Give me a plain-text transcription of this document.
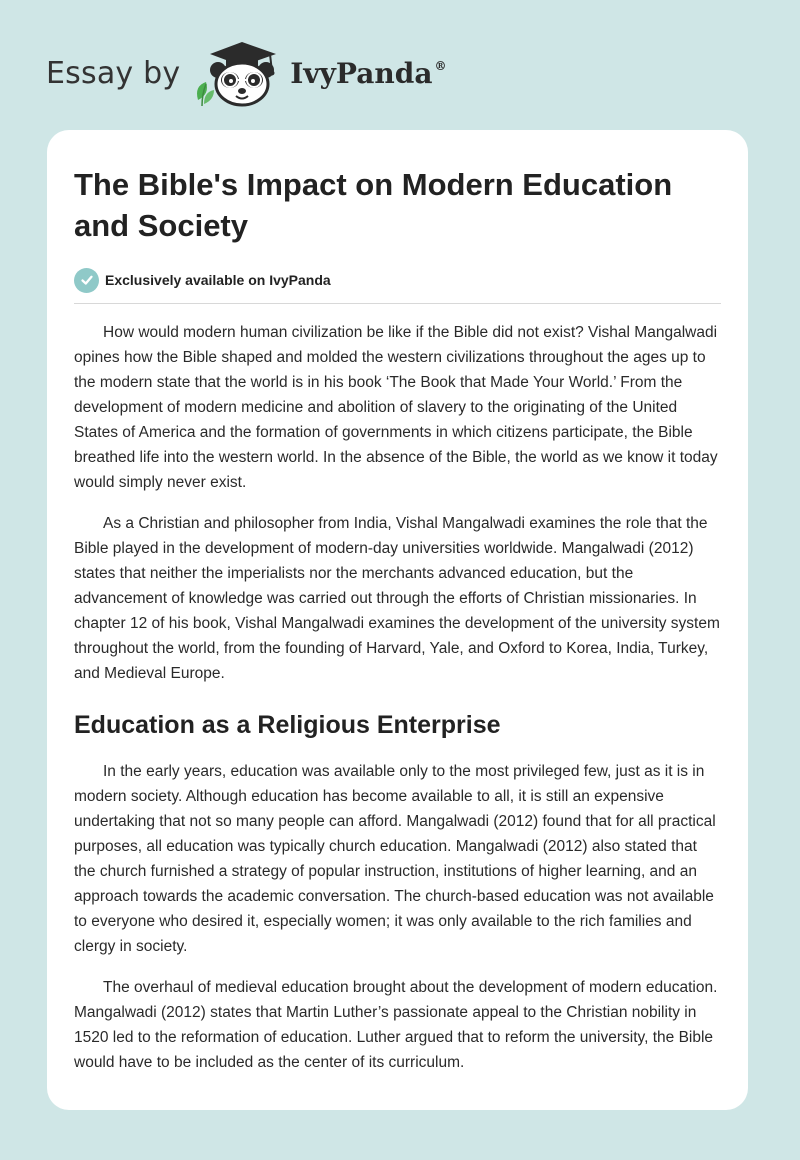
Essay by	IvyPanda ®
The Bible's Impact on Modern Education and Society
Exclusively available on IvyPanda

How would modern human civilization be like if the Bible did not exist? Vishal Mangalwadi opines how the Bible shaped and molded the western civilizations throughout the ages up to the modern state that the world is in his book ‘The Book that Made Your World.’ From the development of modern medicine and abolition of slavery to the originating of the United States of America and the formation of governments in which citizens participate, the Bible breathed life into the western world. In the absence of the Bible, the world as we know it today would simply never exist.

As a Christian and philosopher from India, Vishal Mangalwadi examines the role that the Bible played in the development of modern-day universities worldwide. Mangalwadi (2012) states that neither the imperialists nor the merchants advanced education, but the advancement of knowledge was carried out through the efforts of Christian missionaries. In chapter 12 of his book, Vishal Mangalwadi examines the development of the university system throughout the world, from the founding of Harvard, Yale, and Oxford to Korea, India, Turkey, and Medieval Europe.

Education as a Religious Enterprise

In the early years, education was available only to the most privileged few, just as it is in modern society. Although education has become available to all, it is still an expensive undertaking that not so many people can afford. Mangalwadi (2012) found that for all practical purposes, all education was typically church education. Mangalwadi (2012) also stated that the church furnished a strategy of popular instruction, institutions of higher learning, and an approach towards the academic conversation. The church-based education was not available to everyone who desired it, especially women; it was only available to the rich families and clergy in society.

The overhaul of medieval education brought about the development of modern education. Mangalwadi (2012) states that Martin Luther’s passionate appeal to the Christian nobility in 1520 led to the reformation of education. Luther argued that to reform the university, the Bible would have to be included as the center of its curriculum.
